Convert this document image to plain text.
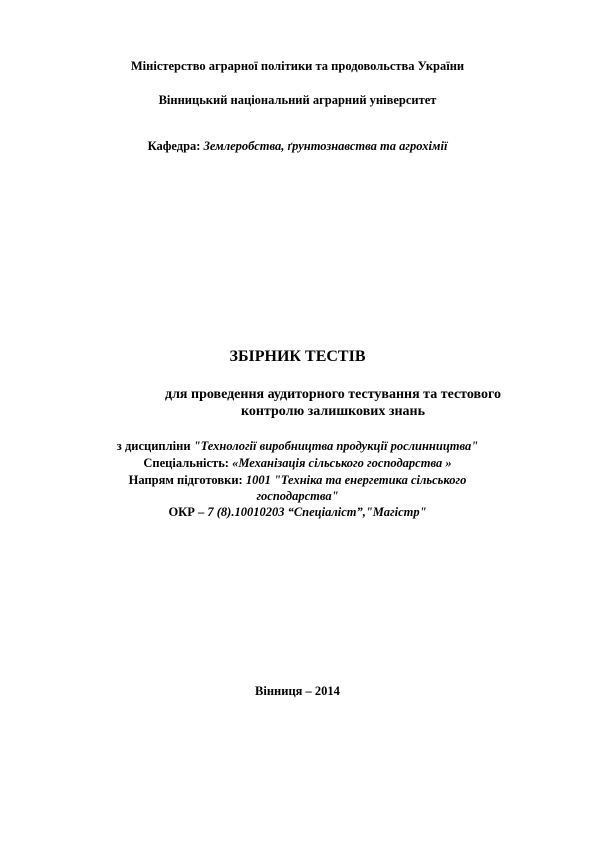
Міністерство аграрної політики та продовольства України
Вінницький національний аграрний університет
Кафедра: Землеробства, ґрунтознавства та агрохімії
ЗБІРНИК ТЕСТІВ
для проведення аудиторного тестування та тестового контролю залишкових знань
з дисципліни "Технології виробництва продукції рослинництва"
Спеціальність: «Механізація сільського господарства »
Напрям підготовки: 1001 "Техніка та енергетика сільського
господарства"
ОКР – 7 (8).10010203 “Спеціаліст”,"Магістр"
Вінниця – 2014
